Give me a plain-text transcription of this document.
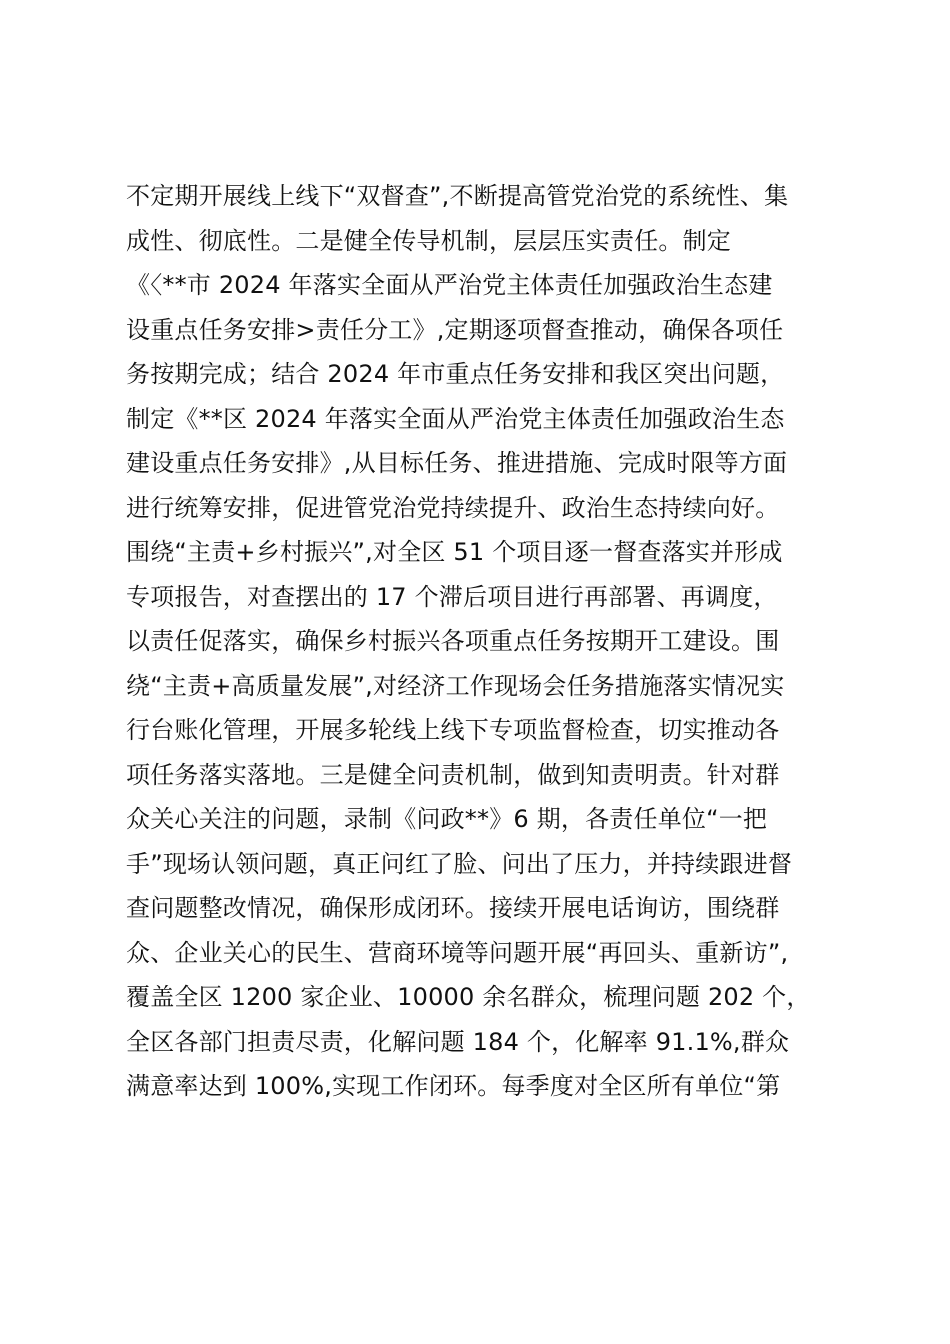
不定期开展线上线下“双督查”,不断提高管党治党的系统性、集
成性、彻底性。二是健全传导机制，层层压实责任。制定
《〈**市 2024 年落实全面从严治党主体责任加强政治生态建
设重点任务安排>责任分工》,定期逐项督查推动，确保各项任
务按期完成；结合 2024 年市重点任务安排和我区突出问题，
制定《**区 2024 年落实全面从严治党主体责任加强政治生态
建设重点任务安排》,从目标任务、推进措施、完成时限等方面
进行统筹安排，促进管党治党持续提升、政治生态持续向好。
围绕“主责+乡村振兴”,对全区 51 个项目逐一督查落实并形成
专项报告，对查摆出的 17 个滞后项目进行再部署、再调度，
以责任促落实，确保乡村振兴各项重点任务按期开工建设。围
绕“主责+高质量发展”,对经济工作现场会任务措施落实情况实
行台账化管理，开展多轮线上线下专项监督检查，切实推动各
项任务落实落地。三是健全问责机制，做到知责明责。针对群
众关心关注的问题，录制《问政**》6 期，各责任单位“一把
手”现场认领问题，真正问红了脸、问出了压力，并持续跟进督
查问题整改情况，确保形成闭环。接续开展电话询访，围绕群
众、企业关心的民生、营商环境等问题开展“再回头、重新访”,
覆盖全区 1200 家企业、10000 余名群众，梳理问题 202 个，
全区各部门担责尽责，化解问题 184 个，化解率 91.1%,群众
满意率达到 100%,实现工作闭环。每季度对全区所有单位“第
